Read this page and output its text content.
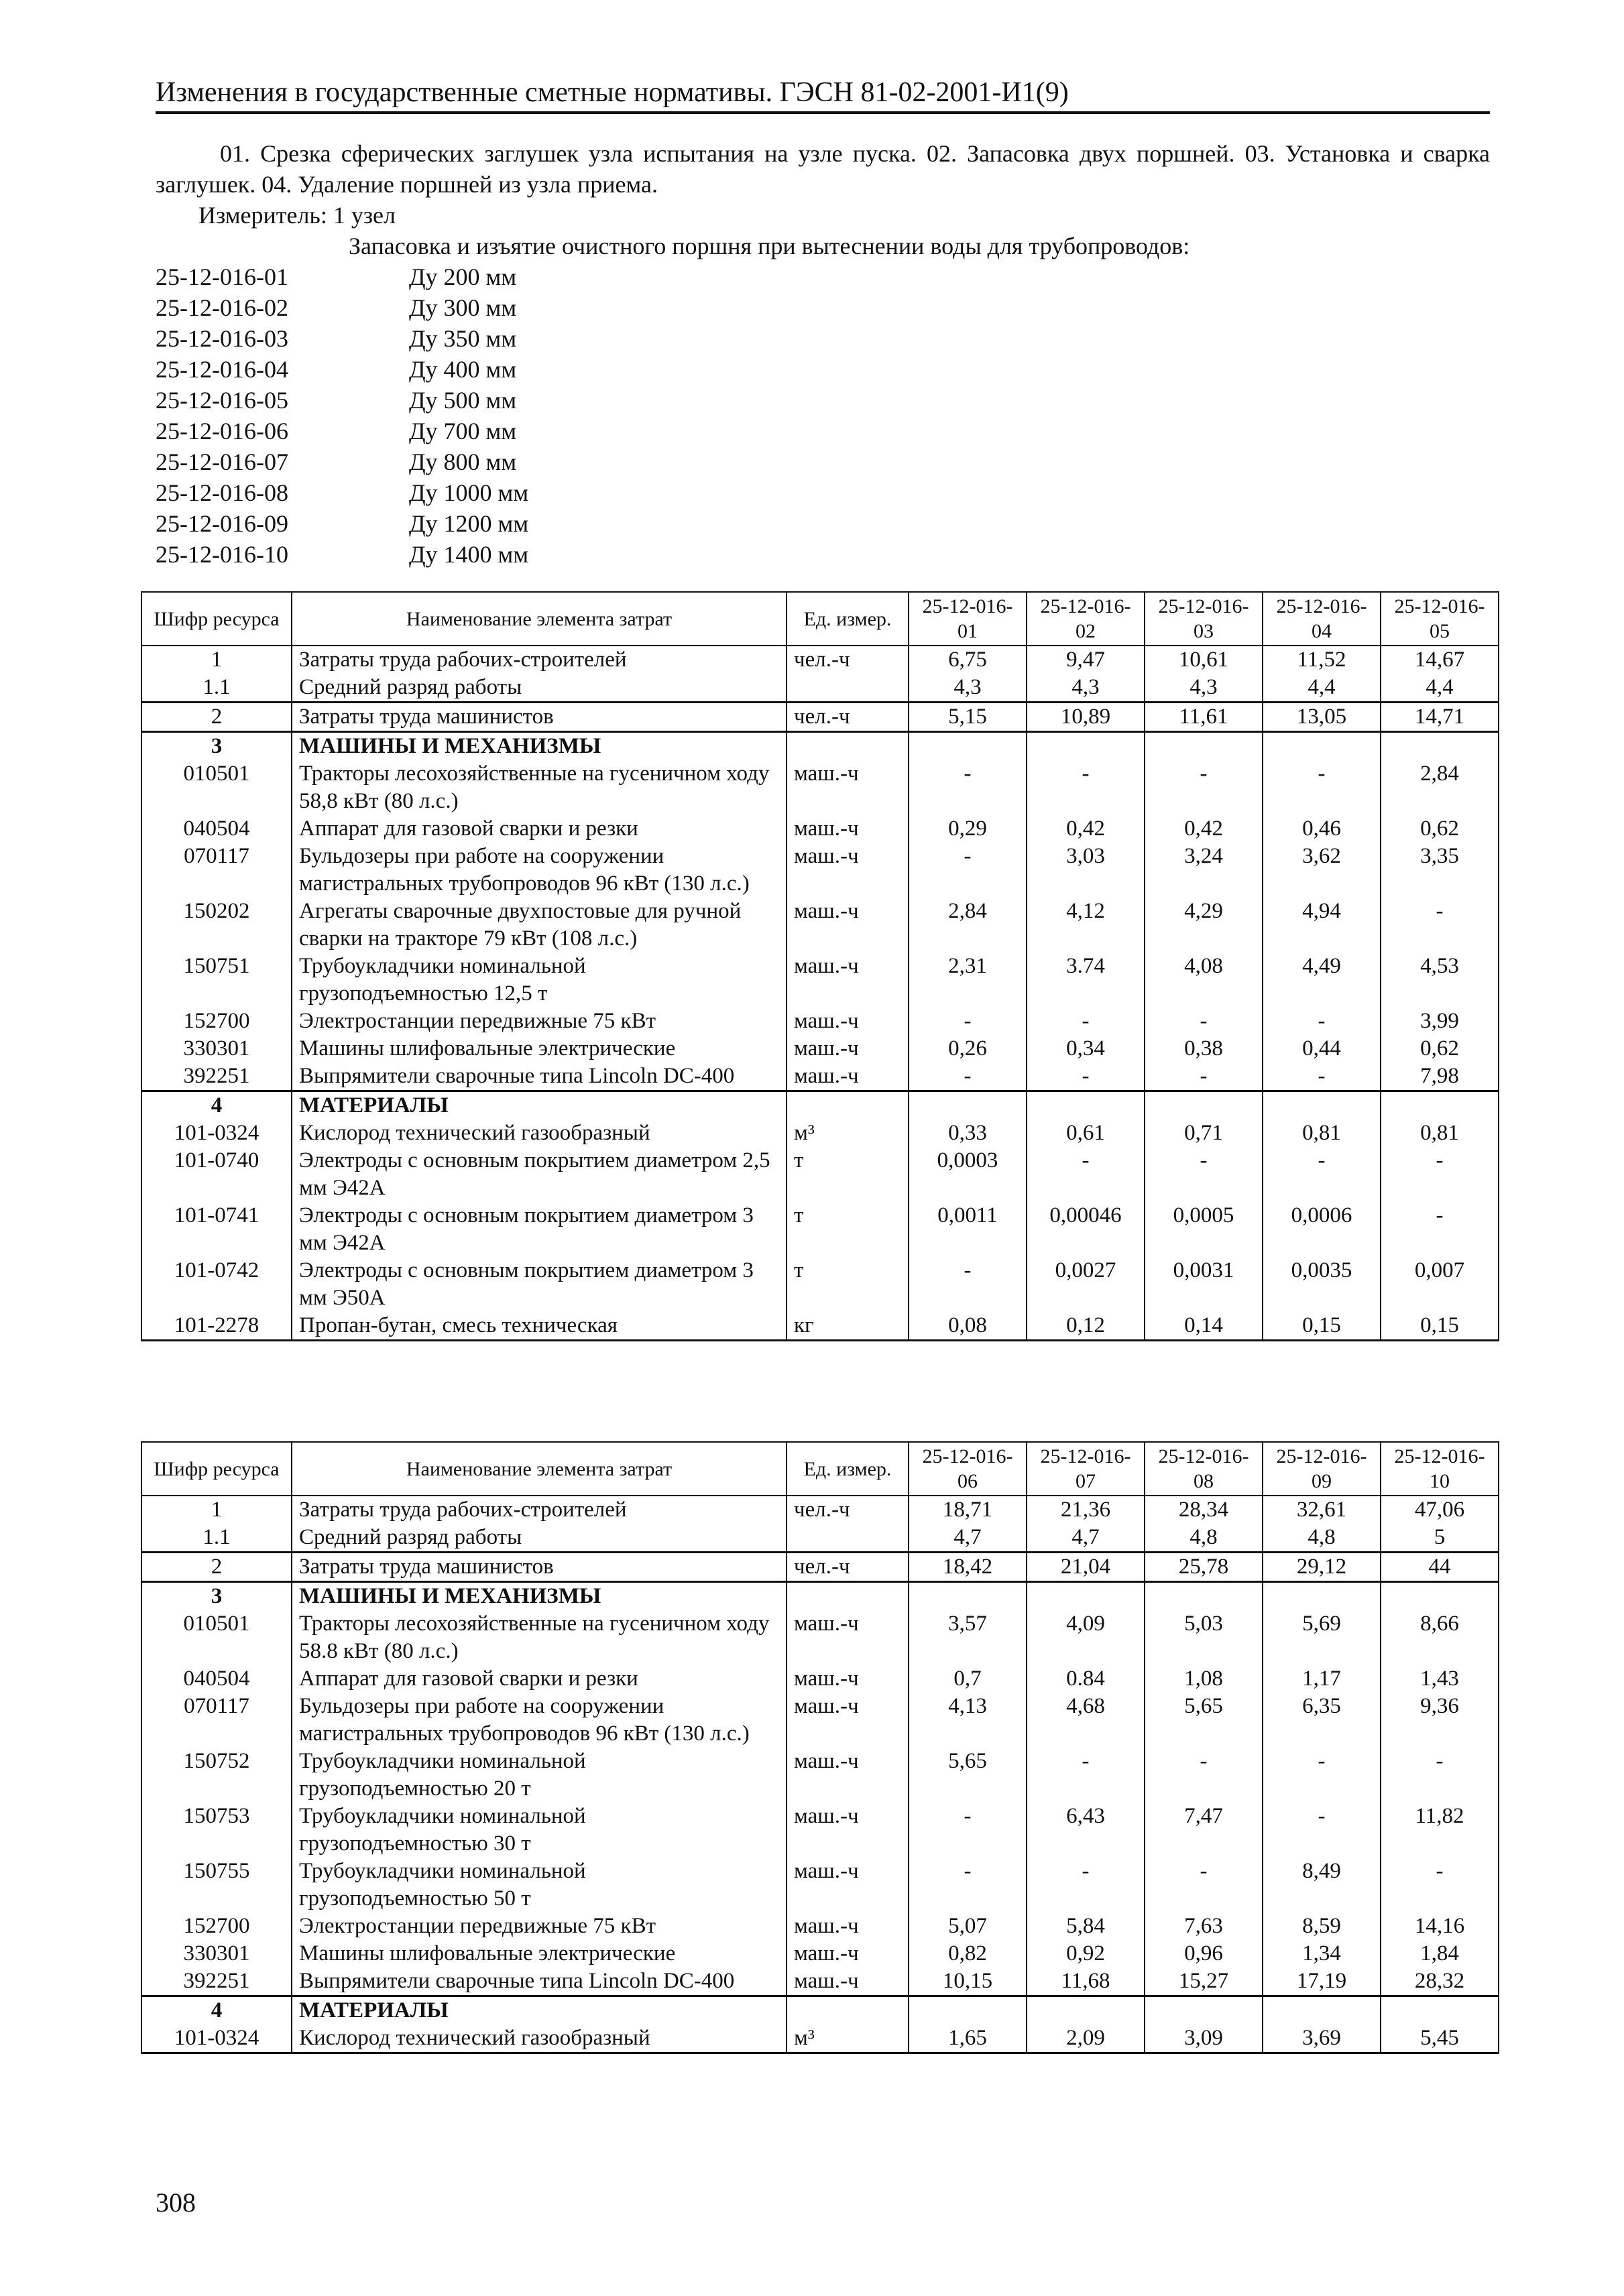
Изменения в государственные сметные нормативы. ГЭСН 81-02-2001-И1(9)

01. Срезка сферических заглушек узла испытания на узле пуска. 02. Запасовка двух поршней. 03. Установка и сварка заглушек. 04. Удаление поршней из узла приема.

Измеритель: 1 узел

Запасовка и изъятие очистного поршня при вытеснении воды для трубопроводов:

25-12-016-01	Ду 200 мм
25-12-016-02	Ду 300 мм
25-12-016-03	Ду 350 мм
25-12-016-04	Ду 400 мм
25-12-016-05	Ду 500 мм
25-12-016-06	Ду 700 мм
25-12-016-07	Ду 800 мм
25-12-016-08	Ду 1000 мм
25-12-016-09	Ду 1200 мм
25-12-016-10	Ду 1400 мм
Шифр ресурса	Наименование элемента затрат	Ед. измер.	25-12-016-01	25-12-016-02	25-12-016-03	25-12-016-04	25-12-016-05
1	Затраты труда рабочих-строителей	чел.-ч	6,75	9,47	10,61	11,52	14,67
1.1	Средний разряд работы		4,3	4,3	4,3	4,4	4,4
2	Затраты труда машинистов	чел.-ч	5,15	10,89	11,61	13,05	14,71
3	МАШИНЫ И МЕХАНИЗМЫ						
010501	Тракторы лесохозяйственные на гусеничном ходу 58,8 кВт (80 л.с.)	маш.-ч	-	-	-	-	2,84
040504	Аппарат для газовой сварки и резки	маш.-ч	0,29	0,42	0,42	0,46	0,62
070117	Бульдозеры при работе на сооружении магистральных трубопроводов 96 кВт (130 л.с.)	маш.-ч	-	3,03	3,24	3,62	3,35
150202	Агрегаты сварочные двухпостовые для ручной сварки на тракторе 79 кВт (108 л.с.)	маш.-ч	2,84	4,12	4,29	4,94	-
150751	Трубоукладчики номинальной грузоподъемностью 12,5 т	маш.-ч	2,31	3.74	4,08	4,49	4,53
152700	Электростанции передвижные 75 кВт	маш.-ч	-	-	-	-	3,99
330301	Машины шлифовальные электрические	маш.-ч	0,26	0,34	0,38	0,44	0,62
392251	Выпрямители сварочные типа Lincoln DC-400	маш.-ч	-	-	-	-	7,98
4	МАТЕРИАЛЫ						
101-0324	Кислород технический газообразный	м³	0,33	0,61	0,71	0,81	0,81
101-0740	Электроды с основным покрытием диаметром 2,5 мм Э42А	т	0,0003	-	-	-	-
101-0741	Электроды с основным покрытием диаметром 3 мм Э42А	т	0,0011	0,00046	0,0005	0,0006	-
101-0742	Электроды с основным покрытием диаметром 3 мм Э50А	т	-	0,0027	0,0031	0,0035	0,007
101-2278	Пропан-бутан, смесь техническая	кг	0,08	0,12	0,14	0,15	0,15
Шифр ресурса	Наименование элемента затрат	Ед. измер.	25-12-016-06	25-12-016-07	25-12-016-08	25-12-016-09	25-12-016-10
1	Затраты труда рабочих-строителей	чел.-ч	18,71	21,36	28,34	32,61	47,06
1.1	Средний разряд работы		4,7	4,7	4,8	4,8	5
2	Затраты труда машинистов	чел.-ч	18,42	21,04	25,78	29,12	44
3	МАШИНЫ И МЕХАНИЗМЫ						
010501	Тракторы лесохозяйственные на гусеничном ходу 58.8 кВт (80 л.с.)	маш.-ч	3,57	4,09	5,03	5,69	8,66
040504	Аппарат для газовой сварки и резки	маш.-ч	0,7	0.84	1,08	1,17	1,43
070117	Бульдозеры при работе на сооружении магистральных трубопроводов 96 кВт (130 л.с.)	маш.-ч	4,13	4,68	5,65	6,35	9,36
150752	Трубоукладчики номинальной грузоподъемностью 20 т	маш.-ч	5,65	-	-	-	-
150753	Трубоукладчики номинальной грузоподъемностью 30 т	маш.-ч	-	6,43	7,47	-	11,82
150755	Трубоукладчики номинальной грузоподъемностью 50 т	маш.-ч	-	-	-	8,49	-
152700	Электростанции передвижные 75 кВт	маш.-ч	5,07	5,84	7,63	8,59	14,16
330301	Машины шлифовальные электрические	маш.-ч	0,82	0,92	0,96	1,34	1,84
392251	Выпрямители сварочные типа Lincoln DC-400	маш.-ч	10,15	11,68	15,27	17,19	28,32
4	МАТЕРИАЛЫ						
101-0324	Кислород технический газообразный	м³	1,65	2,09	3,09	3,69	5,45
308
